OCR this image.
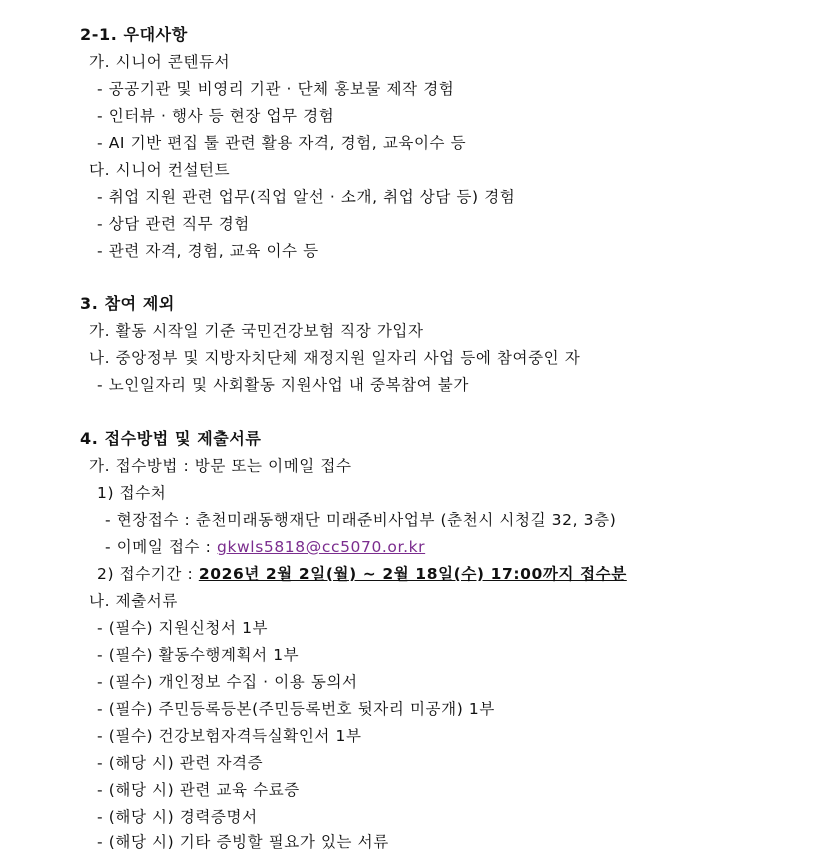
2-1. 우대사항
가. 시니어 콘텐듀서
- 공공기관 및 비영리 기관 · 단체 홍보물 제작 경험
- 인터뷰 · 행사 등 현장 업무 경험
- AI 기반 편집 툴 관련 활용 자격, 경험, 교육이수 등
다. 시니어 컨설턴트
- 취업 지원 관련 업무(직업 알선 · 소개, 취업 상담 등) 경험
- 상담 관련 직무 경험
- 관련 자격, 경험, 교육 이수 등
3. 참여 제외
가. 활동 시작일 기준 국민건강보험 직장 가입자
나. 중앙정부 및 지방자치단체 재정지원 일자리 사업 등에 참여중인 자
- 노인일자리 및 사회활동 지원사업 내 중복참여 불가
4. 접수방법 및 제출서류
가. 접수방법 : 방문 또는 이메일 접수
1) 접수처
- 현장접수 : 춘천미래동행재단 미래준비사업부 (춘천시 시청길 32, 3층)
- 이메일 접수 : gkwls5818@cc5070.or.kr
2) 접수기간 : 2026년 2월 2일(월) ~ 2월 18일(수) 17:00까지 접수분
나. 제출서류
- (필수) 지원신청서 1부
- (필수) 활동수행계획서 1부
- (필수) 개인정보 수집 · 이용 동의서
- (필수) 주민등록등본(주민등록번호 뒷자리 미공개) 1부
- (필수) 건강보험자격득실확인서 1부
- (해당 시) 관련 자격증
- (해당 시) 관련 교육 수료증
- (해당 시) 경력증명서
- (해당 시) 기타 증빙할 필요가 있는 서류
